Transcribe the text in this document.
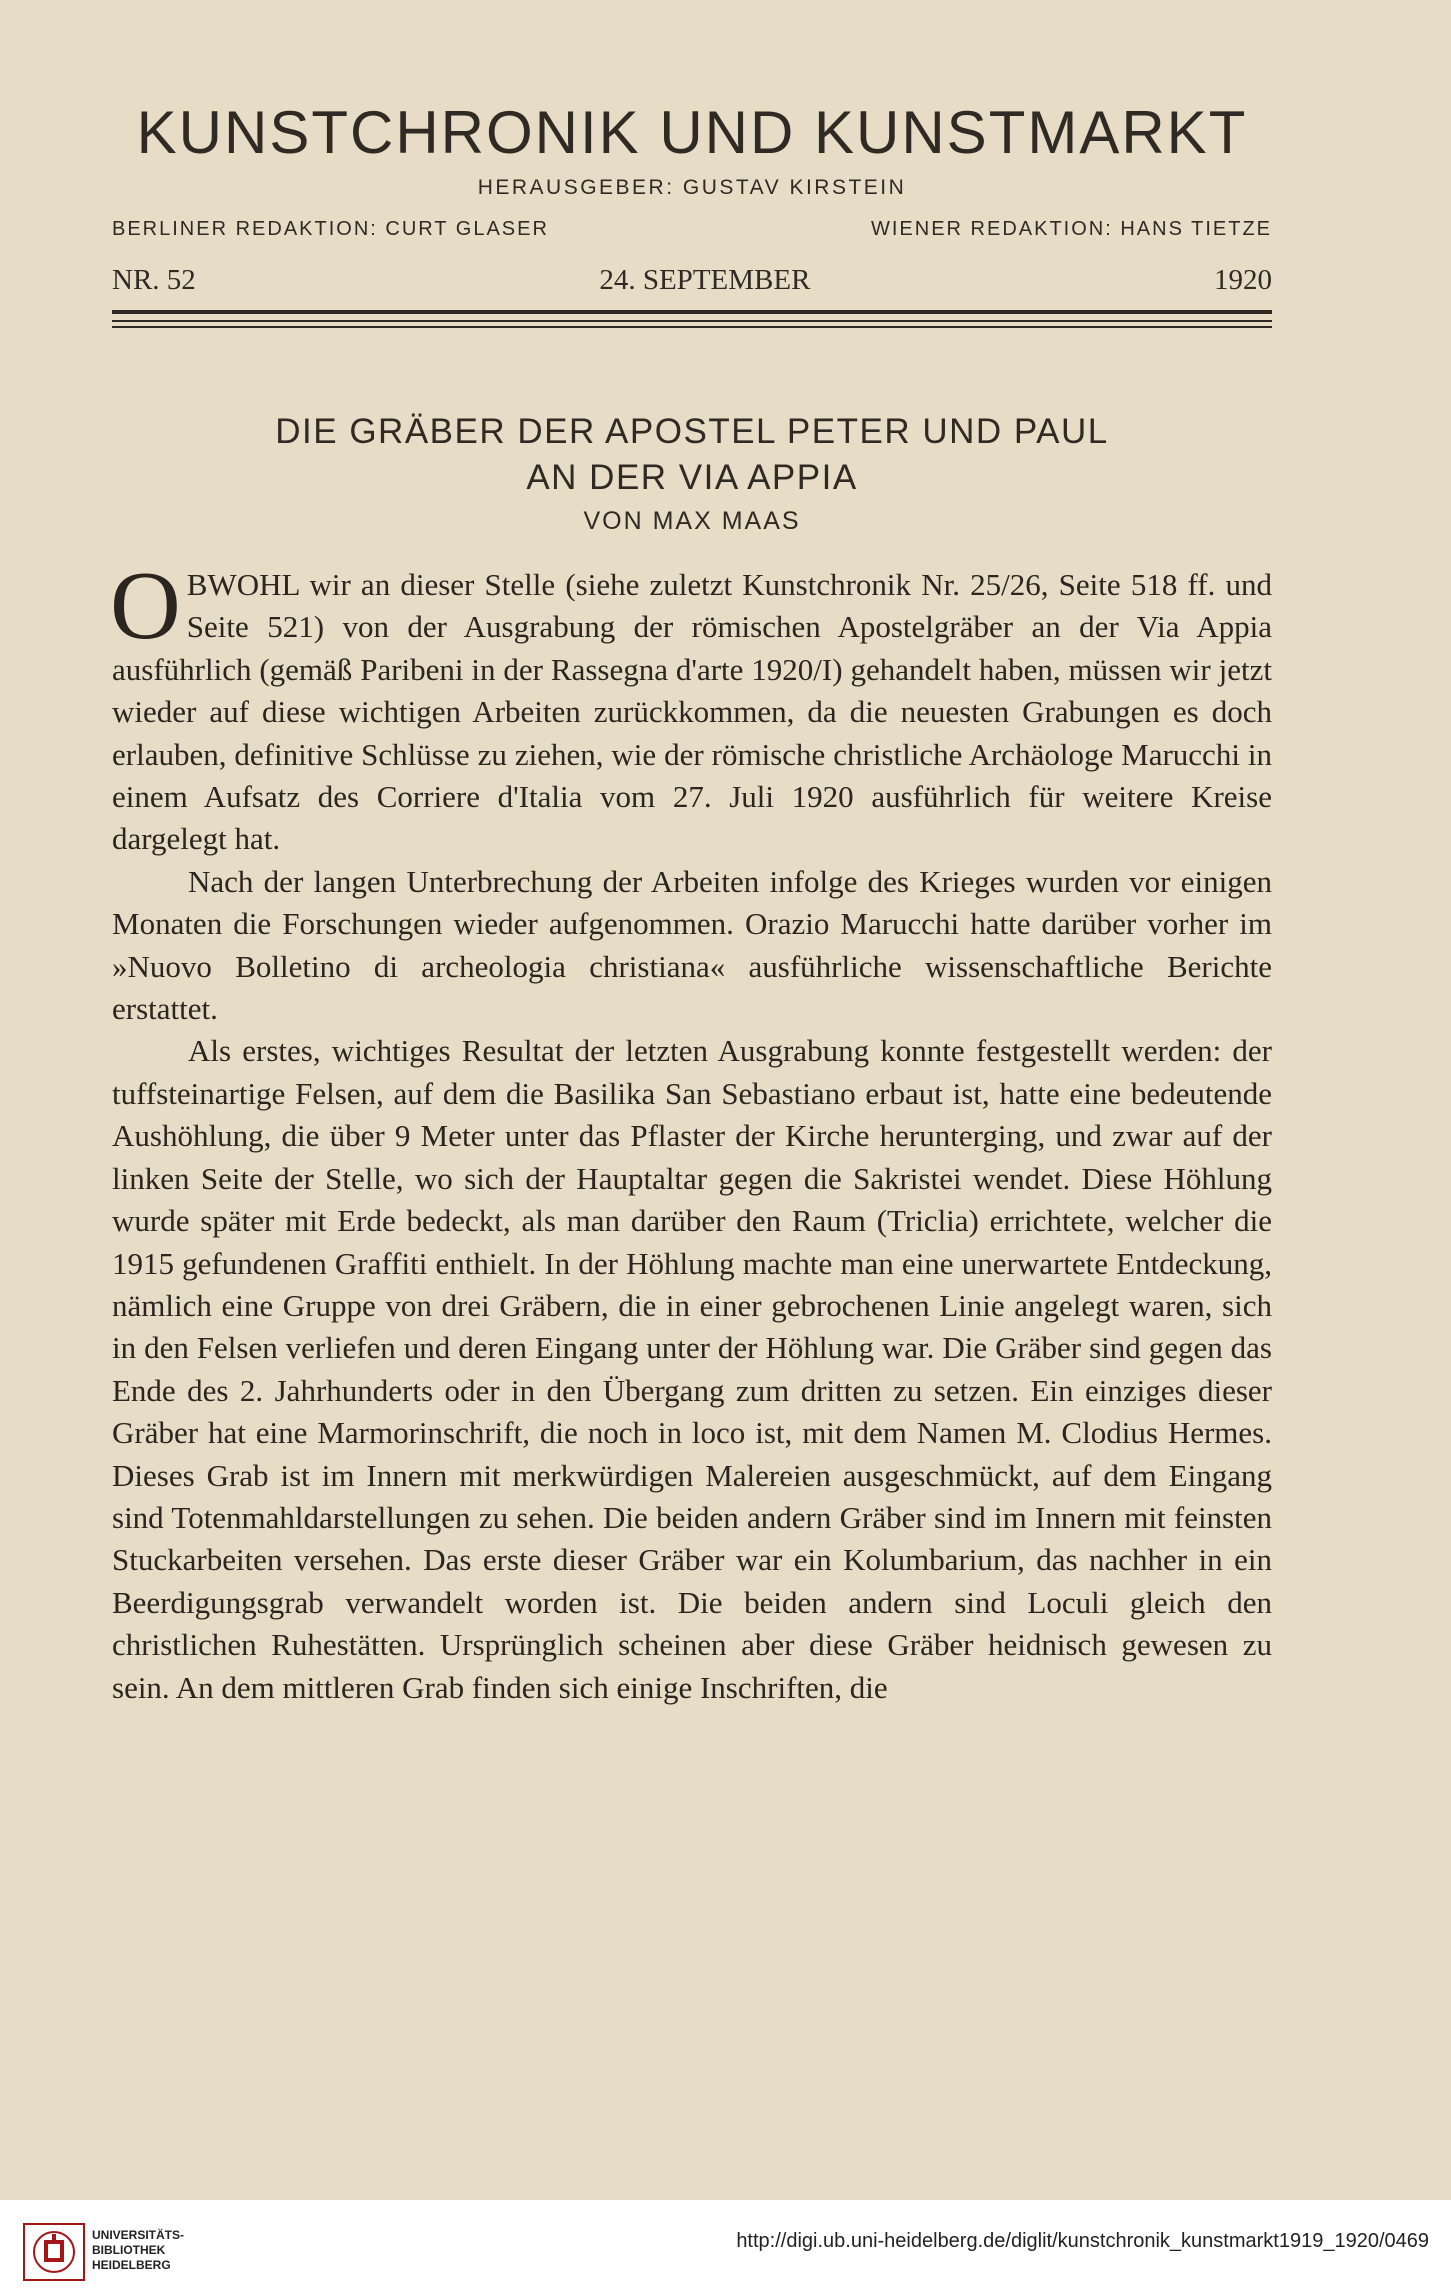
KUNSTCHRONIK UND KUNSTMARKT
HERAUSGEBER: GUSTAV KIRSTEIN
BERLINER REDAKTION: CURT GLASER	WIENER REDAKTION: HANS TIETZE
NR. 52	24. SEPTEMBER	1920
DIE GRÄBER DER APOSTEL PETER UND PAUL
AN DER VIA APPIA
VON MAX MAAS

OBWOHL wir an dieser Stelle (siehe zuletzt Kunstchronik Nr. 25/26, Seite 518 ff. und Seite 521) von der Ausgrabung der römischen Apostelgräber an der Via Appia ausführlich (gemäß Paribeni in der Rassegna d'arte 1920/I) gehandelt haben, müssen wir jetzt wieder auf diese wichtigen Arbeiten zurückkommen, da die neuesten Grabungen es doch erlauben, definitive Schlüsse zu ziehen, wie der römische christliche Archäologe Marucchi in einem Aufsatz des Corriere d'Italia vom 27. Juli 1920 ausführlich für weitere Kreise dargelegt hat.

Nach der langen Unterbrechung der Arbeiten infolge des Krieges wurden vor einigen Monaten die Forschungen wieder aufgenommen. Orazio Marucchi hatte darüber vorher im »Nuovo Bolletino di archeologia christiana« ausführliche wissenschaftliche Berichte erstattet.

Als erstes, wichtiges Resultat der letzten Ausgrabung konnte festgestellt werden: der tuffsteinartige Felsen, auf dem die Basilika San Sebastiano erbaut ist, hatte eine bedeutende Aushöhlung, die über 9 Meter unter das Pflaster der Kirche herunterging, und zwar auf der linken Seite der Stelle, wo sich der Hauptaltar gegen die Sakristei wendet. Diese Höhlung wurde später mit Erde bedeckt, als man darüber den Raum (Triclia) errichtete, welcher die 1915 gefundenen Graffiti enthielt. In der Höhlung machte man eine unerwartete Entdeckung, nämlich eine Gruppe von drei Gräbern, die in einer gebrochenen Linie angelegt waren, sich in den Felsen verliefen und deren Eingang unter der Höhlung war. Die Gräber sind gegen das Ende des 2. Jahrhunderts oder in den Übergang zum dritten zu setzen. Ein einziges dieser Gräber hat eine Marmorinschrift, die noch in loco ist, mit dem Namen M. Clodius Hermes. Dieses Grab ist im Innern mit merkwürdigen Malereien ausgeschmückt, auf dem Eingang sind Totenmahldarstellungen zu sehen. Die beiden andern Gräber sind im Innern mit feinsten Stuckarbeiten versehen. Das erste dieser Gräber war ein Kolumbarium, das nachher in ein Beerdigungsgrab verwandelt worden ist. Die beiden andern sind Loculi gleich den christlichen Ruhestätten. Ursprünglich scheinen aber diese Gräber heidnisch gewesen zu sein. An dem mittleren Grab finden sich einige Inschriften, die

UNIVERSITÄTS-
BIBLIOTHEK
HEIDELBERG
http://digi.ub.uni-heidelberg.de/diglit/kunstchronik_kunstmarkt1919_1920/0469
